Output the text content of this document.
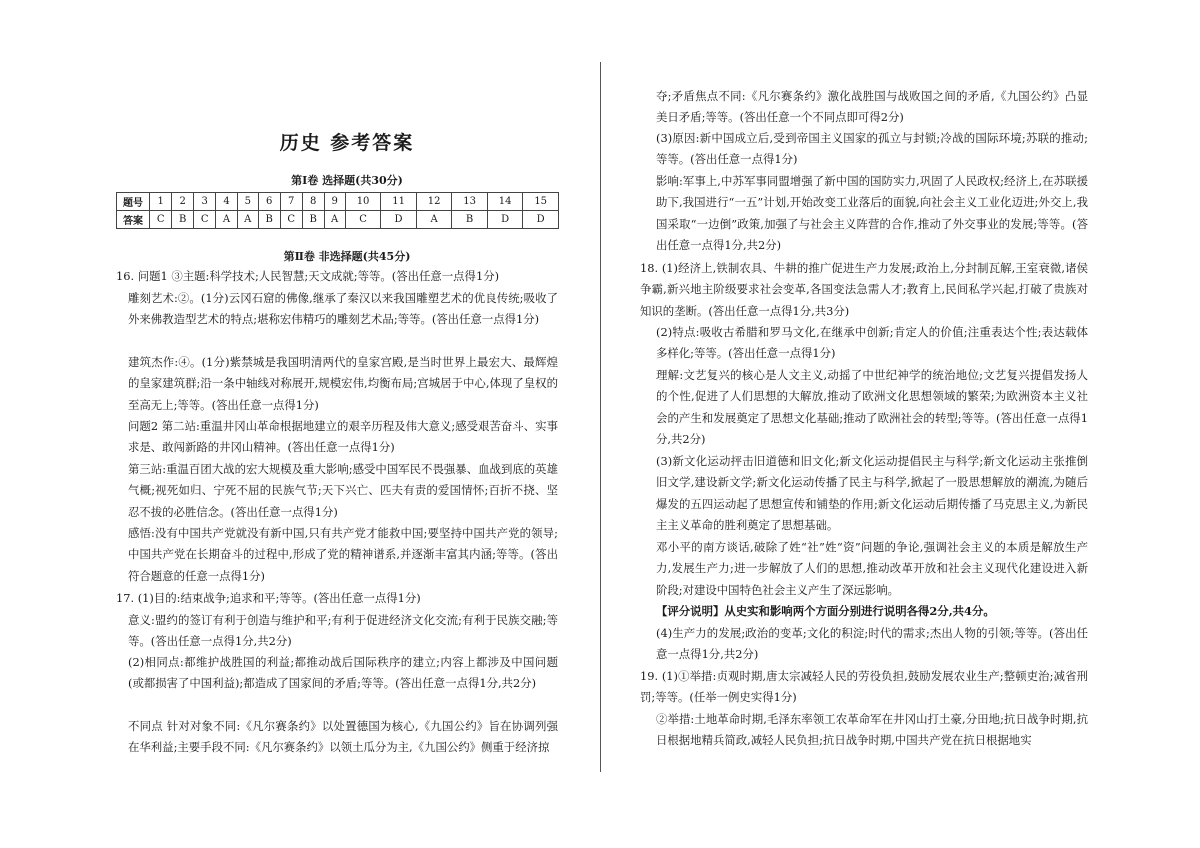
历史 参考答案
第Ⅰ卷 选择题(共30分)
题号	1	2	3	4	5	6	7	8	9	10	11	12	13	14	15
答案	C	B	C	A	A	B	C	B	A	C	D	A	B	D	D
第Ⅱ卷 非选择题(共45分)

16. 问题1 ③主题:科学技术;人民智慧;天文成就;等等。(答出任意一点得1分)

雕刻艺术:②。(1分)云冈石窟的佛像,继承了秦汉以来我国雕塑艺术的优良传统;吸收了外来佛教造型艺术的特点;堪称宏伟精巧的雕刻艺术品;等等。(答出任意一点得1分)

建筑杰作:④。(1分)紫禁城是我国明清两代的皇家宫殿,是当时世界上最宏大、最辉煌的皇家建筑群;沿一条中轴线对称展开,规模宏伟,均衡布局;宫城居于中心,体现了皇权的至高无上;等等。(答出任意一点得1分)

问题2 第二站:重温井冈山革命根据地建立的艰辛历程及伟大意义;感受艰苦奋斗、实事求是、敢闯新路的井冈山精神。(答出任意一点得1分)

第三站:重温百团大战的宏大规模及重大影响;感受中国军民不畏强暴、血战到底的英雄气概;视死如归、宁死不屈的民族气节;天下兴亡、匹夫有责的爱国情怀;百折不挠、坚忍不拔的必胜信念。(答出任意一点得1分)

感悟:没有中国共产党就没有新中国,只有共产党才能救中国;要坚持中国共产党的领导;中国共产党在长期奋斗的过程中,形成了党的精神谱系,并逐渐丰富其内涵;等等。(答出符合题意的任意一点得1分)

17. (1)目的:结束战争;追求和平;等等。(答出任意一点得1分)

意义:盟约的签订有利于创造与维护和平;有利于促进经济文化交流;有利于民族交融;等等。(答出任意一点得1分,共2分)

(2)相同点:都维护战胜国的利益;都推动战后国际秩序的建立;内容上都涉及中国问题(或都损害了中国利益);都造成了国家间的矛盾;等等。(答出任意一点得1分,共2分)

不同点 针对对象不同:《凡尔赛条约》以处置德国为核心,《九国公约》旨在协调列强在华利益;主要手段不同:《凡尔赛条约》以领土瓜分为主,《九国公约》侧重于经济掠

夺;矛盾焦点不同:《凡尔赛条约》激化战胜国与战败国之间的矛盾,《九国公约》凸显美日矛盾;等等。(答出任意一个不同点即可得2分)

(3)原因:新中国成立后,受到帝国主义国家的孤立与封锁;冷战的国际环境;苏联的推动;等等。(答出任意一点得1分)

影响:军事上,中苏军事同盟增强了新中国的国防实力,巩固了人民政权;经济上,在苏联援助下,我国进行“一五”计划,开始改变工业落后的面貌,向社会主义工业化迈进;外交上,我国采取“一边倒”政策,加强了与社会主义阵营的合作,推动了外交事业的发展;等等。(答出任意一点得1分,共2分)

18. (1)经济上,铁制农具、牛耕的推广促进生产力发展;政治上,分封制瓦解,王室衰微,诸侯争霸,新兴地主阶级要求社会变革,各国变法急需人才;教育上,民间私学兴起,打破了贵族对知识的垄断。(答出任意一点得1分,共3分)

(2)特点:吸收古希腊和罗马文化,在继承中创新;肯定人的价值;注重表达个性;表达载体多样化;等等。(答出任意一点得1分)

理解:文艺复兴的核心是人文主义,动摇了中世纪神学的统治地位;文艺复兴提倡发扬人的个性,促进了人们思想的大解放,推动了欧洲文化思想领域的繁荣;为欧洲资本主义社会的产生和发展奠定了思想文化基础;推动了欧洲社会的转型;等等。(答出任意一点得1分,共2分)

(3)新文化运动抨击旧道德和旧文化;新文化运动提倡民主与科学;新文化运动主张推倒旧文学,建设新文学;新文化运动传播了民主与科学,掀起了一股思想解放的潮流,为随后爆发的五四运动起了思想宣传和铺垫的作用;新文化运动后期传播了马克思主义,为新民主主义革命的胜利奠定了思想基础。

邓小平的南方谈话,破除了姓“社”姓“资”问题的争论,强调社会主义的本质是解放生产力,发展生产力;进一步解放了人们的思想,推动改革开放和社会主义现代化建设进入新阶段;对建设中国特色社会主义产生了深远影响。

【评分说明】从史实和影响两个方面分别进行说明各得2分,共4分。

(4)生产力的发展;政治的变革;文化的积淀;时代的需求;杰出人物的引领;等等。(答出任意一点得1分,共2分)

19. (1)①举措:贞观时期,唐太宗减轻人民的劳役负担,鼓励发展农业生产;整顿吏治;减省刑罚;等等。(任举一例史实得1分)

②举措:土地革命时期,毛泽东率领工农革命军在井冈山打土豪,分田地;抗日战争时期,抗日根据地精兵简政,减轻人民负担;抗日战争时期,中国共产党在抗日根据地实
